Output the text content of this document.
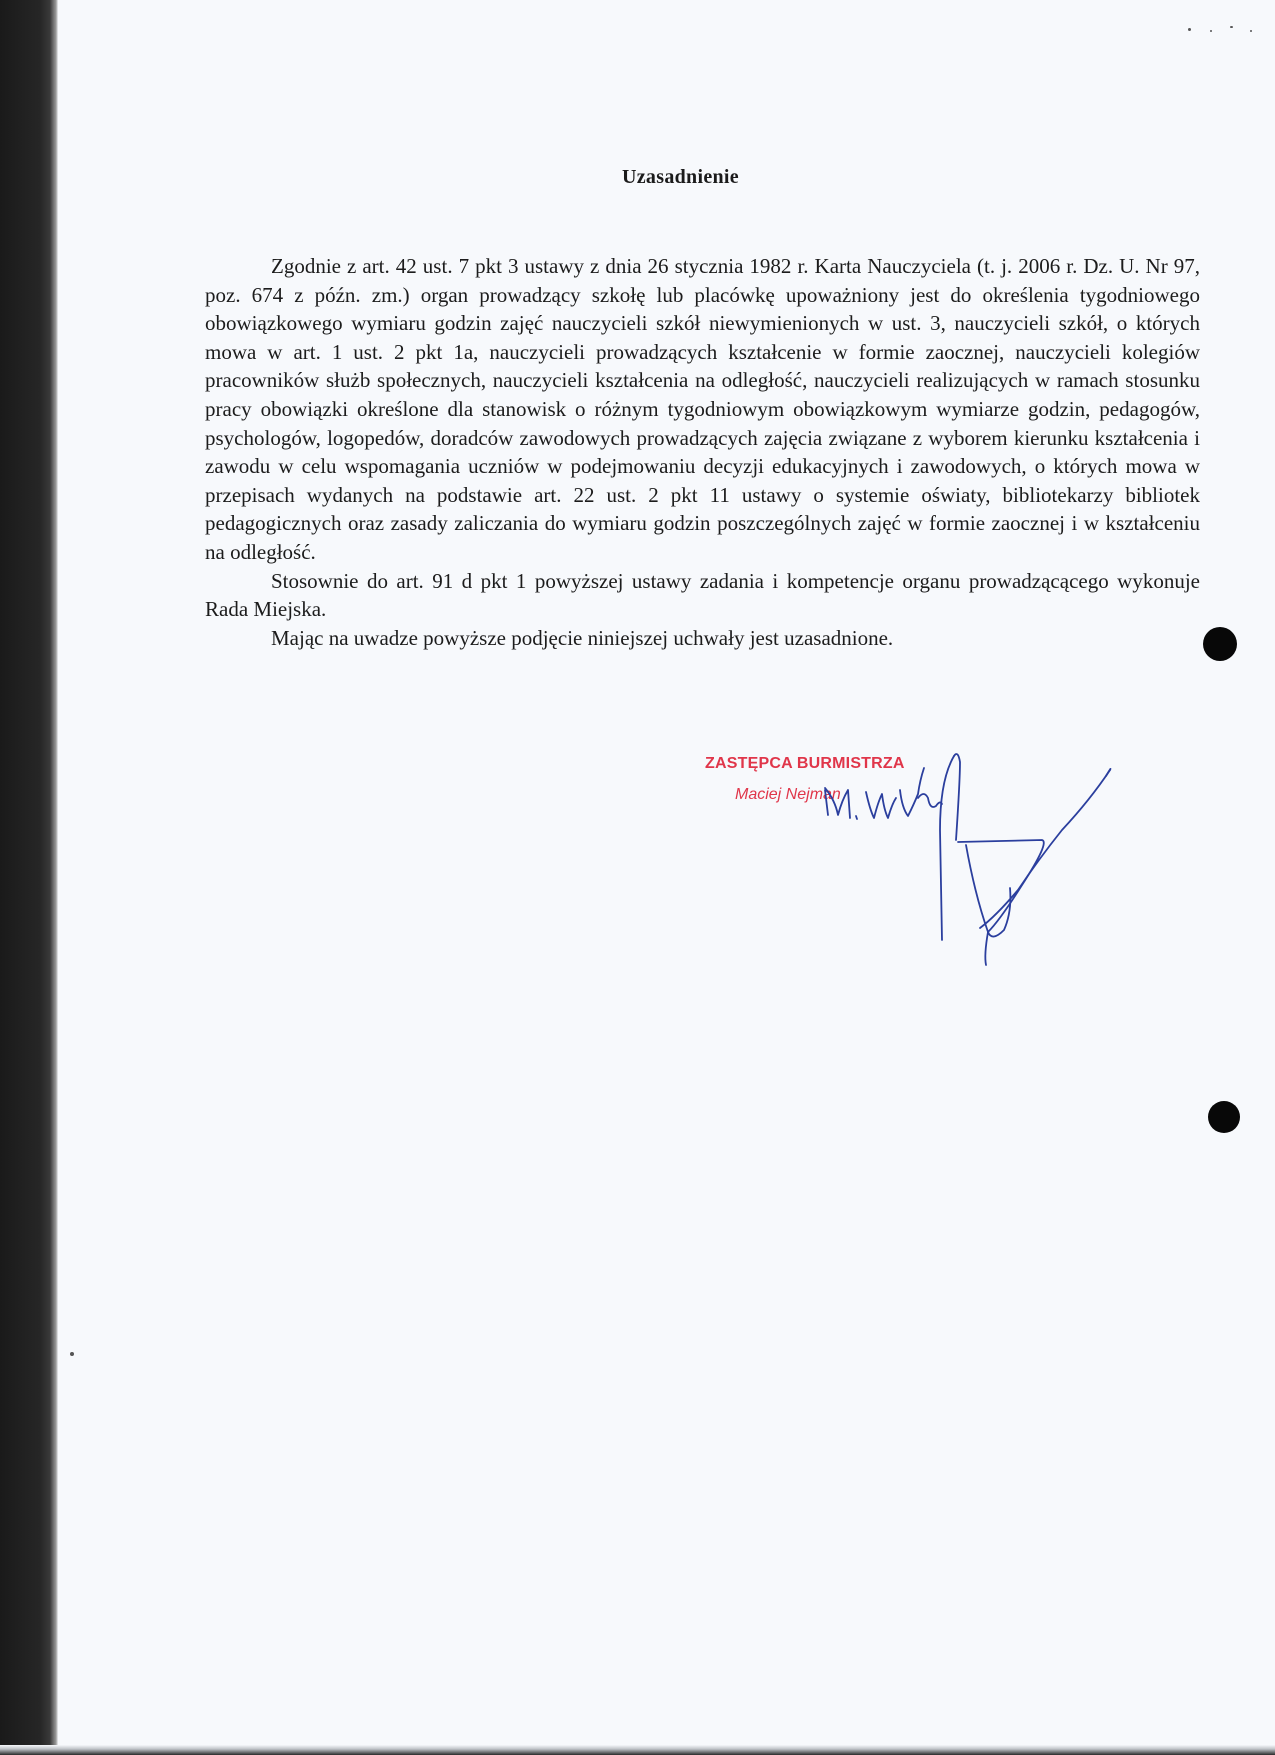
Uzasadnienie

Zgodnie z art. 42 ust. 7 pkt 3 ustawy z dnia 26 stycznia 1982 r. Karta Nauczyciela (t. j. 2006 r. Dz. U. Nr 97, poz. 674 z późn. zm.) organ prowadzący szkołę lub placówkę upoważniony jest do określenia tygodniowego obowiązkowego wymiaru godzin zajęć nauczycieli szkół niewymienionych w ust. 3, nauczycieli szkół, o których mowa w art. 1 ust. 2 pkt 1a, nauczycieli prowadzących kształcenie w formie zaocznej, nauczycieli kolegiów pracowników służb społecznych, nauczycieli kształcenia na odległość, nauczycieli realizujących w ramach stosunku pracy obowiązki określone dla stanowisk o różnym tygodniowym obowiązkowym wymiarze godzin, pedagogów, psychologów, logopedów, doradców zawodowych prowadzących zajęcia związane z wyborem kierunku kształcenia i zawodu w celu wspomagania uczniów w podejmowaniu decyzji edukacyjnych i zawodowych, o których mowa w przepisach wydanych na podstawie art. 22 ust. 2 pkt 11 ustawy o systemie oświaty, bibliotekarzy bibliotek pedagogicznych oraz zasady zaliczania do wymiaru godzin poszczególnych zajęć w formie zaocznej i w kształceniu na odległość.

Stosownie do art. 91 d pkt 1 powyższej ustawy zadania i kompetencje organu prowadzącącego wykonuje Rada Miejska.

Mając na uwadze powyższe podjęcie niniejszej uchwały jest uzasadnione.

ZASTĘPCA BURMISTRZA
Maciej Nejman
